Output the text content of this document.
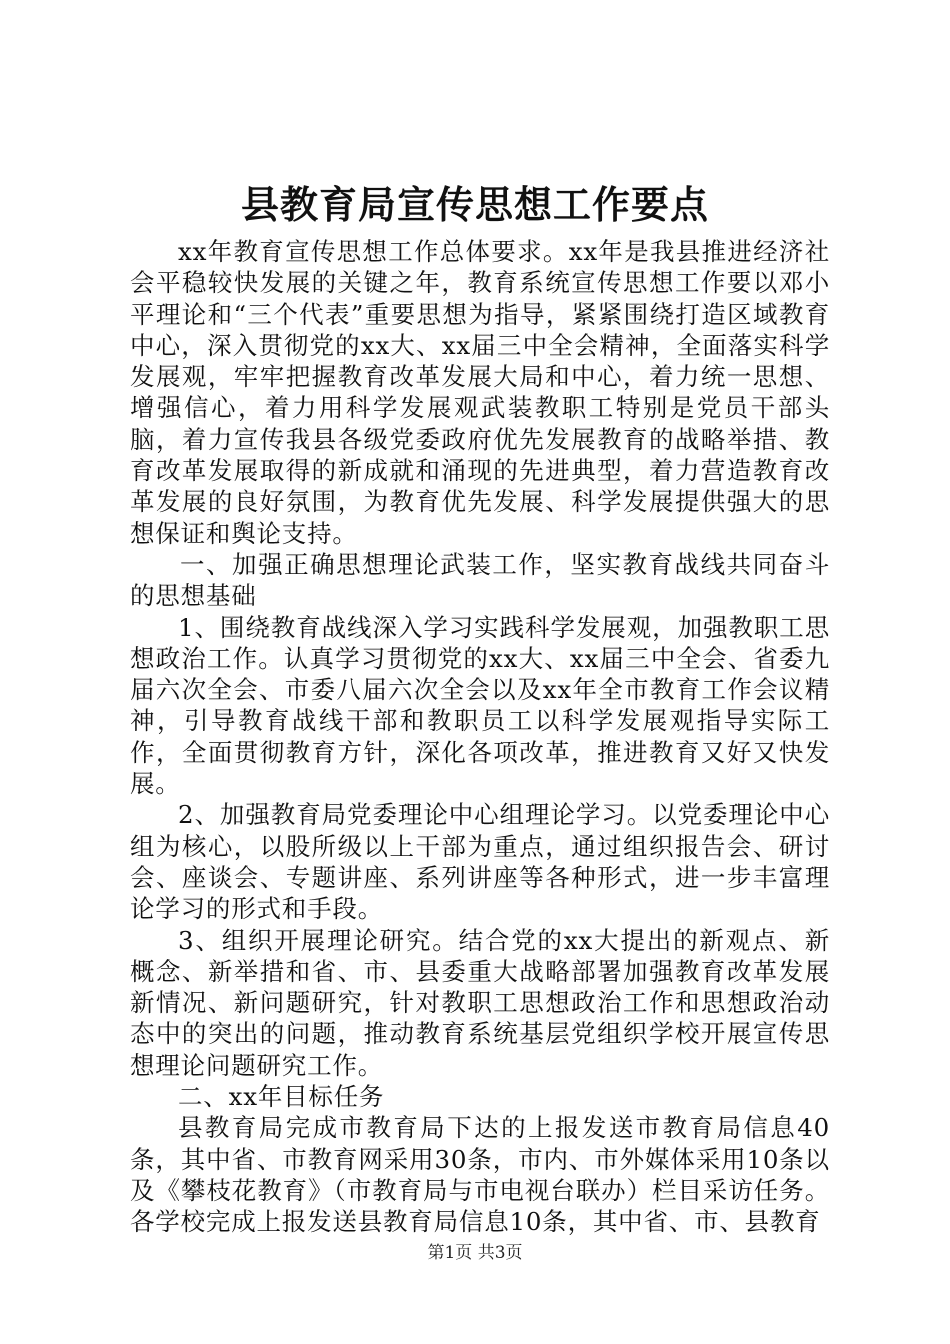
县教育局宣传思想工作要点

xx年教育宣传思想工作总体要求。xx年是我县推进经济社会平稳较快发展的关键之年，教育系统宣传思想工作要以邓小平理论和“三个代表”重要思想为指导，紧紧围绕打造区域教育中心，深入贯彻党的xx大、xx届三中全会精神，全面落实科学发展观，牢牢把握教育改革发展大局和中心，着力统一思想、增强信心，着力用科学发展观武装教职工特别是党员干部头脑，着力宣传我县各级党委政府优先发展教育的战略举措、教育改革发展取得的新成就和涌现的先进典型，着力营造教育改革发展的良好氛围，为教育优先发展、科学发展提供强大的思想保证和舆论支持。

一、加强正确思想理论武装工作，坚实教育战线共同奋斗的思想基础

1、围绕教育战线深入学习实践科学发展观，加强教职工思想政治工作。认真学习贯彻党的xx大、xx届三中全会、省委九届六次全会、市委八届六次全会以及xx年全市教育工作会议精神，引导教育战线干部和教职员工以科学发展观指导实际工作，全面贯彻教育方针，深化各项改革，推进教育又好又快发展。

2、加强教育局党委理论中心组理论学习。以党委理论中心组为核心，以股所级以上干部为重点，通过组织报告会、研讨会、座谈会、专题讲座、系列讲座等各种形式，进一步丰富理论学习的形式和手段。

3、组织开展理论研究。结合党的xx大提出的新观点、新概念、新举措和省、市、县委重大战略部署加强教育改革发展新情况、新问题研究，针对教职工思想政治工作和思想政治动态中的突出的问题，推动教育系统基层党组织学校开展宣传思想理论问题研究工作。

二、xx年目标任务

县教育局完成市教育局下达的上报发送市教育局信息40条，其中省、市教育网采用30条，市内、市外媒体采用10条以及《攀枝花教育》（市教育局与市电视台联办）栏目采访任务。各学校完成上报发送县教育局信息10条，其中省、市、县教育

第1页 共3页
